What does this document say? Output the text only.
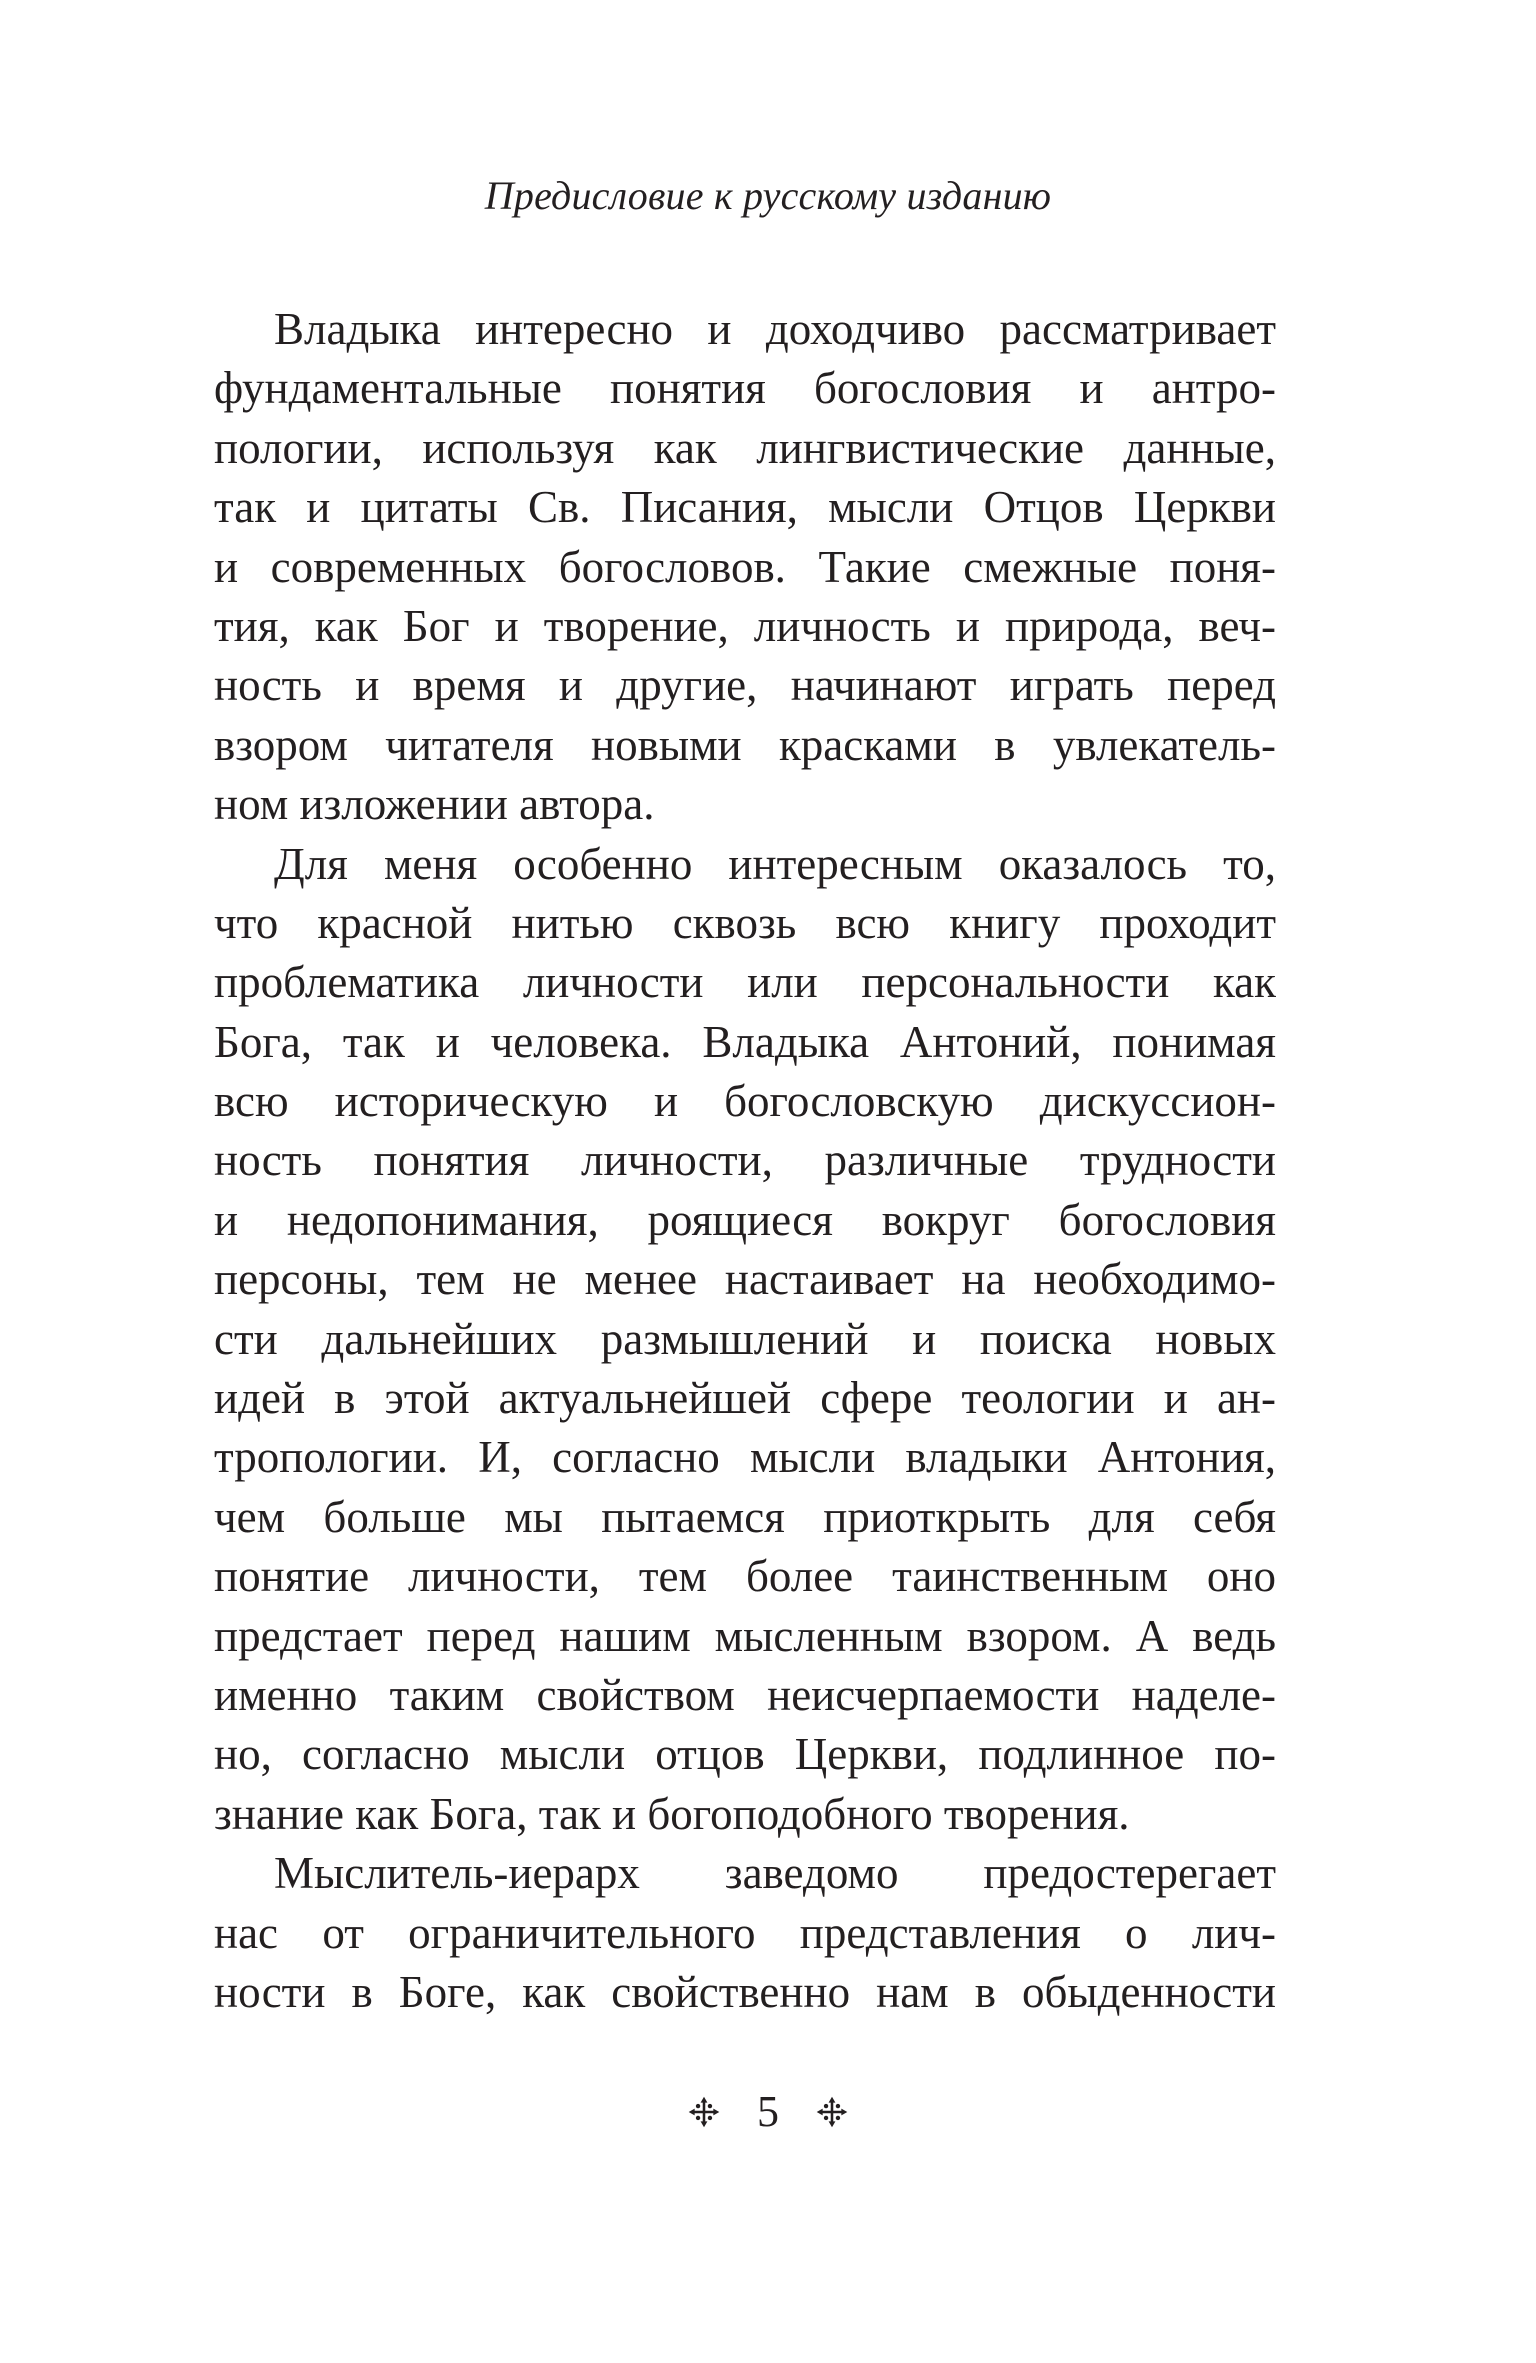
Предисловие к русскому изданию
Владыка интересно и доходчиво рассматривает
фундаментальные понятия богословия и антро-
пологии, используя как лингвистические данные,
так и цитаты Св. Писания, мысли Отцов Церкви
и современных богословов. Такие смежные поня-
тия, как Бог и творение, личность и природа, веч-
ность и время и другие, начинают играть перед
взором читателя новыми красками в увлекатель-
ном изложении автора.
Для меня особенно интересным оказалось то,
что красной нитью сквозь всю книгу проходит
проблематика личности или персональности как
Бога, так и человека. Владыка Антоний, понимая
всю историческую и богословскую дискуссион-
ность понятия личности, различные трудности
и недопонимания, роящиеся вокруг богословия
персоны, тем не менее настаивает на необходимо-
сти дальнейших размышлений и поиска новых
идей в этой актуальнейшей сфере теологии и ан-
тропологии. И, согласно мысли владыки Антония,
чем больше мы пытаемся приоткрыть для себя
понятие личности, тем более таинственным оно
предстает перед нашим мысленным взором. А ведь
именно таким свойством неисчерпаемости наделе-
но, согласно мысли отцов Церкви, подлинное по-
знание как Бога, так и богоподобного творения.
Мыслитель-иерарх заведомо предостерегает
нас от ограничительного представления о лич-
ности в Боге, как свойственно нам в обыденности
5
